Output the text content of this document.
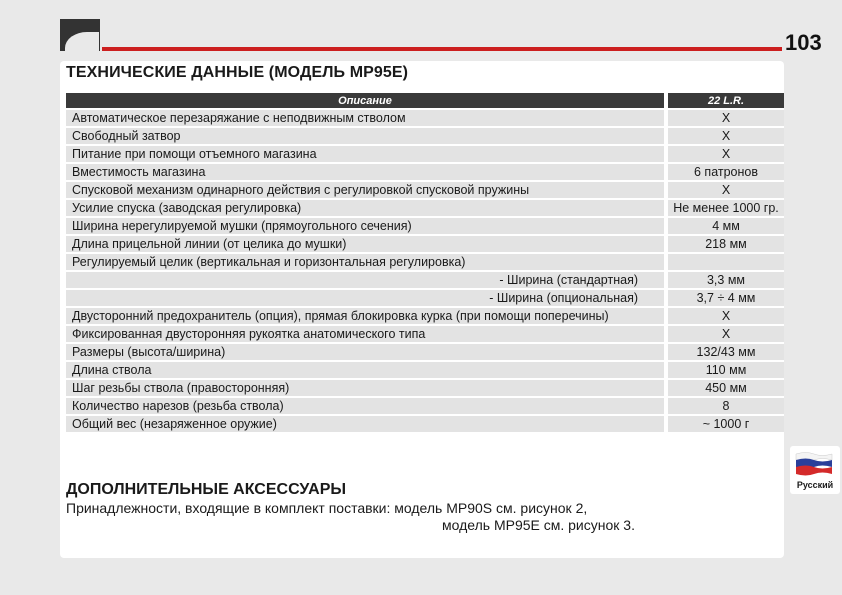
103
ТЕХНИЧЕСКИЕ ДАННЫЕ (МОДЕЛЬ MP95E)
Описание		22 L.R.
Автоматическое перезаряжание с неподвижным стволом		X
Свободный затвор		X
Питание при помощи отъемного магазина		X
Вместимость магазина		6 патронов
Спусковой механизм одинарного действия с регулировкой спусковой пружины		X
Усилие спуска (заводская регулировка)		Не менее 1000 гр.
Ширина нерегулируемой мушки (прямоугольного сечения)		4 мм
Длина прицельной линии (от целика до мушки)		218 мм
Регулируемый целик (вертикальная и горизонтальная регулировка)		
- Ширина (стандартная)		3,3 мм
- Ширина (опциональная)		3,7 ÷ 4 мм
Двусторонний предохранитель (опция), прямая блокировка курка (при помощи поперечины)		X
Фиксированная двусторонняя рукоятка анатомического типа		X
Размеры (высота/ширина)		132/43 мм
Длина ствола		110 мм
Шаг резьбы ствола (правосторонняя)		450 мм
Количество нарезов (резьба ствола)		8
Общий вес (незаряженное оружие)		~ 1000 г
ДОПОЛНИТЕЛЬНЫЕ АКСЕССУАРЫ
Принадлежности, входящие в комплект поставки: модель MP90S см. рисунок 2,
модель MP95E см. рисунок 3.
Русский
